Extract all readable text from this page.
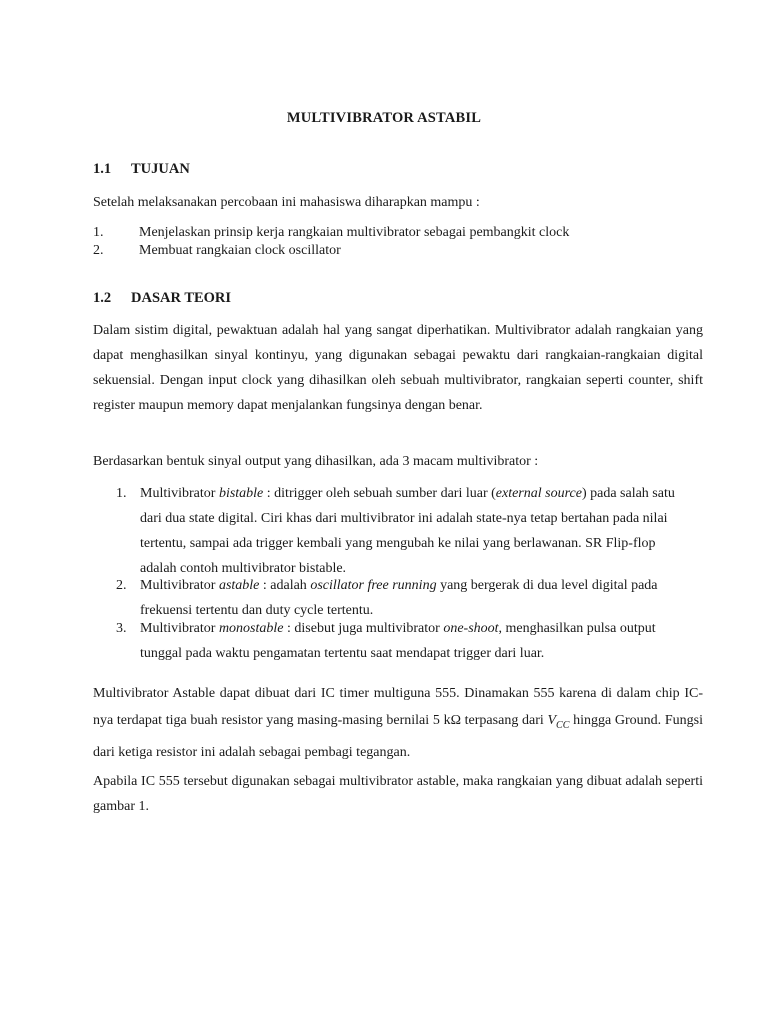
MULTIVIBRATOR ASTABIL
1.1 TUJUAN

Setelah melaksanakan percobaan ini mahasiswa diharapkan mampu :

1.	Menjelaskan prinsip kerja rangkaian multivibrator sebagai pembangkit clock
2.	Membuat rangkaian clock oscillator
1.2 DASAR TEORI

Dalam sistim digital, pewaktuan adalah hal yang sangat diperhatikan. Multivibrator adalah rangkaian yang dapat menghasilkan sinyal kontinyu, yang digunakan sebagai pewaktu dari rangkaian-rangkaian digital sekuensial. Dengan input clock yang dihasilkan oleh sebuah multivibrator, rangkaian seperti counter, shift register maupun memory dapat menjalankan fungsinya dengan benar.

Berdasarkan bentuk sinyal output yang dihasilkan, ada 3 macam multivibrator :

1. Multivibrator bistable : ditrigger oleh sebuah sumber dari luar (external source) pada salah satu dari dua state digital. Ciri khas dari multivibrator ini adalah state-nya tetap bertahan pada nilai tertentu, sampai ada trigger kembali yang mengubah ke nilai yang berlawanan. SR Flip-flop adalah contoh multivibrator bistable.
2. Multivibrator astable : adalah oscillator free running yang bergerak di dua level digital pada frekuensi tertentu dan duty cycle tertentu.
3. Multivibrator monostable : disebut juga multivibrator one-shoot, menghasilkan pulsa output tunggal pada waktu pengamatan tertentu saat mendapat trigger dari luar.

Multivibrator Astable dapat dibuat dari IC timer multiguna 555. Dinamakan 555 karena di dalam chip IC-nya terdapat tiga buah resistor yang masing-masing bernilai 5 kΩ terpasang dari $V_{CC}$ hingga Ground. Fungsi dari ketiga resistor ini adalah sebagai pembagi tegangan.

Apabila IC 555 tersebut digunakan sebagai multivibrator astable, maka rangkaian yang dibuat adalah seperti gambar 1.
